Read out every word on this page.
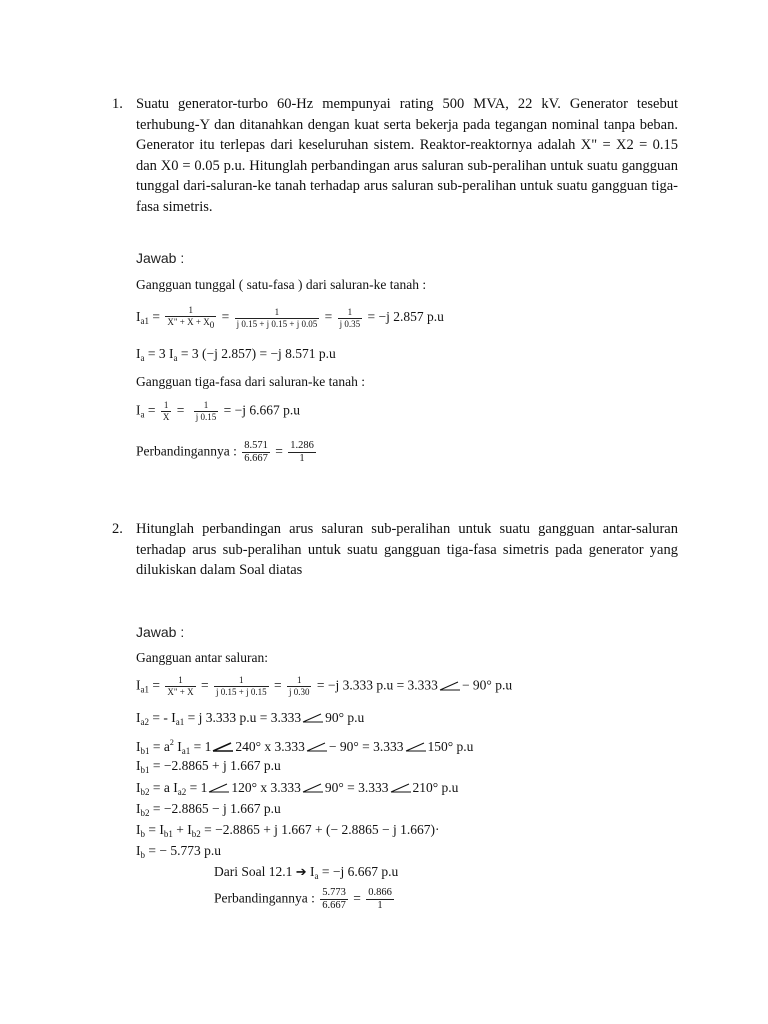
1. Suatu generator-turbo 60-Hz mempunyai rating 500 MVA, 22 kV. Generator tesebut terhubung-Y dan ditanahkan dengan kuat serta bekerja pada tegangan nominal tanpa beban. Generator itu terlepas dari keseluruhan sistem. Reaktor-reaktornya adalah X" = X2 = 0.15 dan X0 = 0.05 p.u. Hitunglah perbandingan arus saluran sub-peralihan untuk suatu gangguan tunggal dari-saluran-ke tanah terhadap arus saluran sub-peralihan untuk suatu gangguan tiga-fasa simetris.
Jawab :
Gangguan tunggal ( satu-fasa ) dari saluran-ke tanah :
$I_{a1} = \frac{1}{X" + X + X_0} = \frac{1}{j 0.15 + j 0.15 + j 0.05} = \frac{1}{j 0.35} = -j$ 2.857 p.u
$I_a = 3$ $I_a = 3$ (−j 2.857) = −j 8.571 p.u
Gangguan tiga-fasa dari saluran-ke tanah :
$I_a = \frac{1}{X} = \frac{1}{j 0.15} = -j$ 6.667 p.u
Perbandingannya : $\frac{8.571}{6.667} = \frac{1.286}{1}$
2. Hitunglah perbandingan arus saluran sub-peralihan untuk suatu gangguan antar-saluran terhadap arus sub-peralihan untuk suatu gangguan tiga-fasa simetris pada generator yang dilukiskan dalam Soal diatas
Jawab :
Gangguan antar saluran:
$I_{a1} = \frac{1}{X" + X} = \frac{1}{j 0.15 + j 0.15} = \frac{1}{j 0.30} = -j$ 3.333 p.u = 3.333 − 90° p.u
$I_{a2}$ = - $I_{a1} = j$ 3.333 p.u = 3.333 90° p.u
$I_{b1} = a^2$ $I_{a1} = 1$ 240° x 3.333 − 90° = 3.333 150° p.u
$I_{b1} = -2.8865 + j$ 1.667 p.u
$I_{b2} = a$ $I_{a2} = 1$ 120° x 3.333 90° = 3.333 210° p.u
$I_{b2} = -2.8865 - j$ 1.667 p.u
$I_b = I_{b1} + I_{b2} = -2.8865 + j$ 1.667 + (− 2.8865 − j 1.667)·
$I_b$ = − 5.773 p.u
Dari Soal 12.1 ➔ $I_a = -j$ 6.667 p.u
Perbandingannya : $\frac{5.773}{6.667} = \frac{0.866}{1}$
